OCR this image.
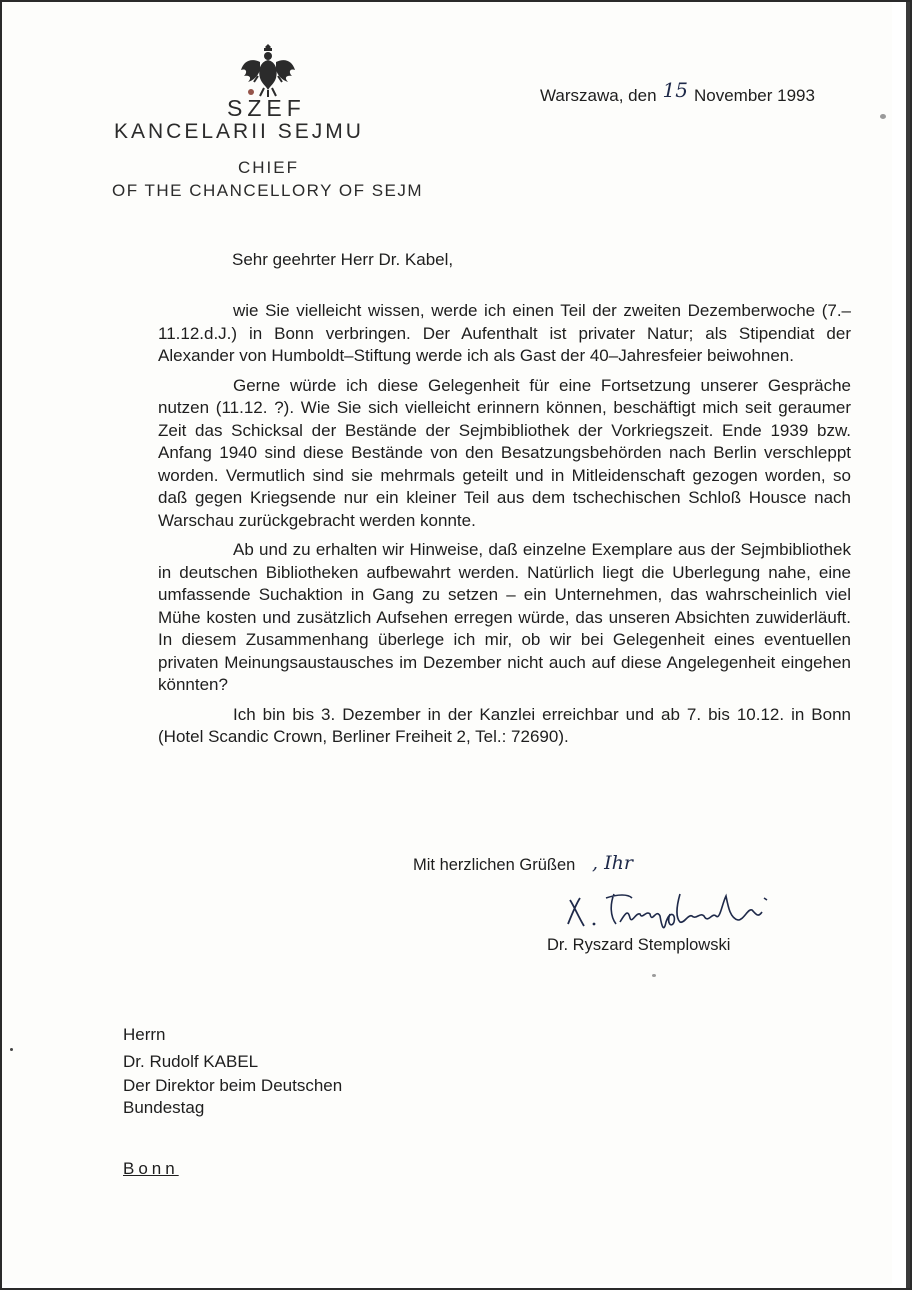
SZEF
KANCELARII SEJMU
CHIEF
OF THE CHANCELLORY OF SEJM
Warszawa, den 15 November 1993
Sehr geehrter Herr Dr. Kabel,

wie Sie vielleicht wissen, werde ich einen Teil der zweiten Dezemberwoche (7.–11.12.d.J.) in Bonn verbringen. Der Aufenthalt ist privater Natur; als Stipendiat der Alexander von Humboldt–Stiftung werde ich als Gast der 40–Jahresfeier beiwohnen.

Gerne würde ich diese Gelegenheit für eine Fortsetzung unserer Gespräche nutzen (11.12. ?). Wie Sie sich vielleicht erinnern können, beschäftigt mich seit geraumer Zeit das Schicksal der Bestände der Sejmbibliothek der Vorkriegszeit. Ende 1939 bzw. Anfang 1940 sind diese Bestände von den Besatzungsbehörden nach Berlin verschleppt worden. Vermutlich sind sie mehrmals geteilt und in Mitleidenschaft gezogen worden, so daß gegen Kriegsende nur ein kleiner Teil aus dem tschechischen Schloß Housce nach Warschau zurückgebracht werden konnte.

Ab und zu erhalten wir Hinweise, daß einzelne Exemplare aus der Sejmbibliothek in deutschen Bibliotheken aufbewahrt werden. Natürlich liegt die Uberlegung nahe, eine umfassende Suchaktion in Gang zu setzen – ein Unternehmen, das wahrscheinlich viel Mühe kosten und zusätzlich Aufsehen erregen würde, das unseren Absichten zuwiderläuft. In diesem Zusammenhang überlege ich mir, ob wir bei Gelegenheit eines eventuellen privaten Meinungsaustausches im Dezember nicht auch auf diese Angelegenheit eingehen könnten?

Ich bin bis 3. Dezember in der Kanzlei erreichbar und ab 7. bis 10.12. in Bonn (Hotel Scandic Crown, Berliner Freiheit 2, Tel.: 72690).

Mit herzlichen Grüßen , Ihr
Dr. Ryszard Stemplowski
Herrn
Dr. Rudolf KABEL
Der Direktor beim Deutschen
Bundestag
Bonn
